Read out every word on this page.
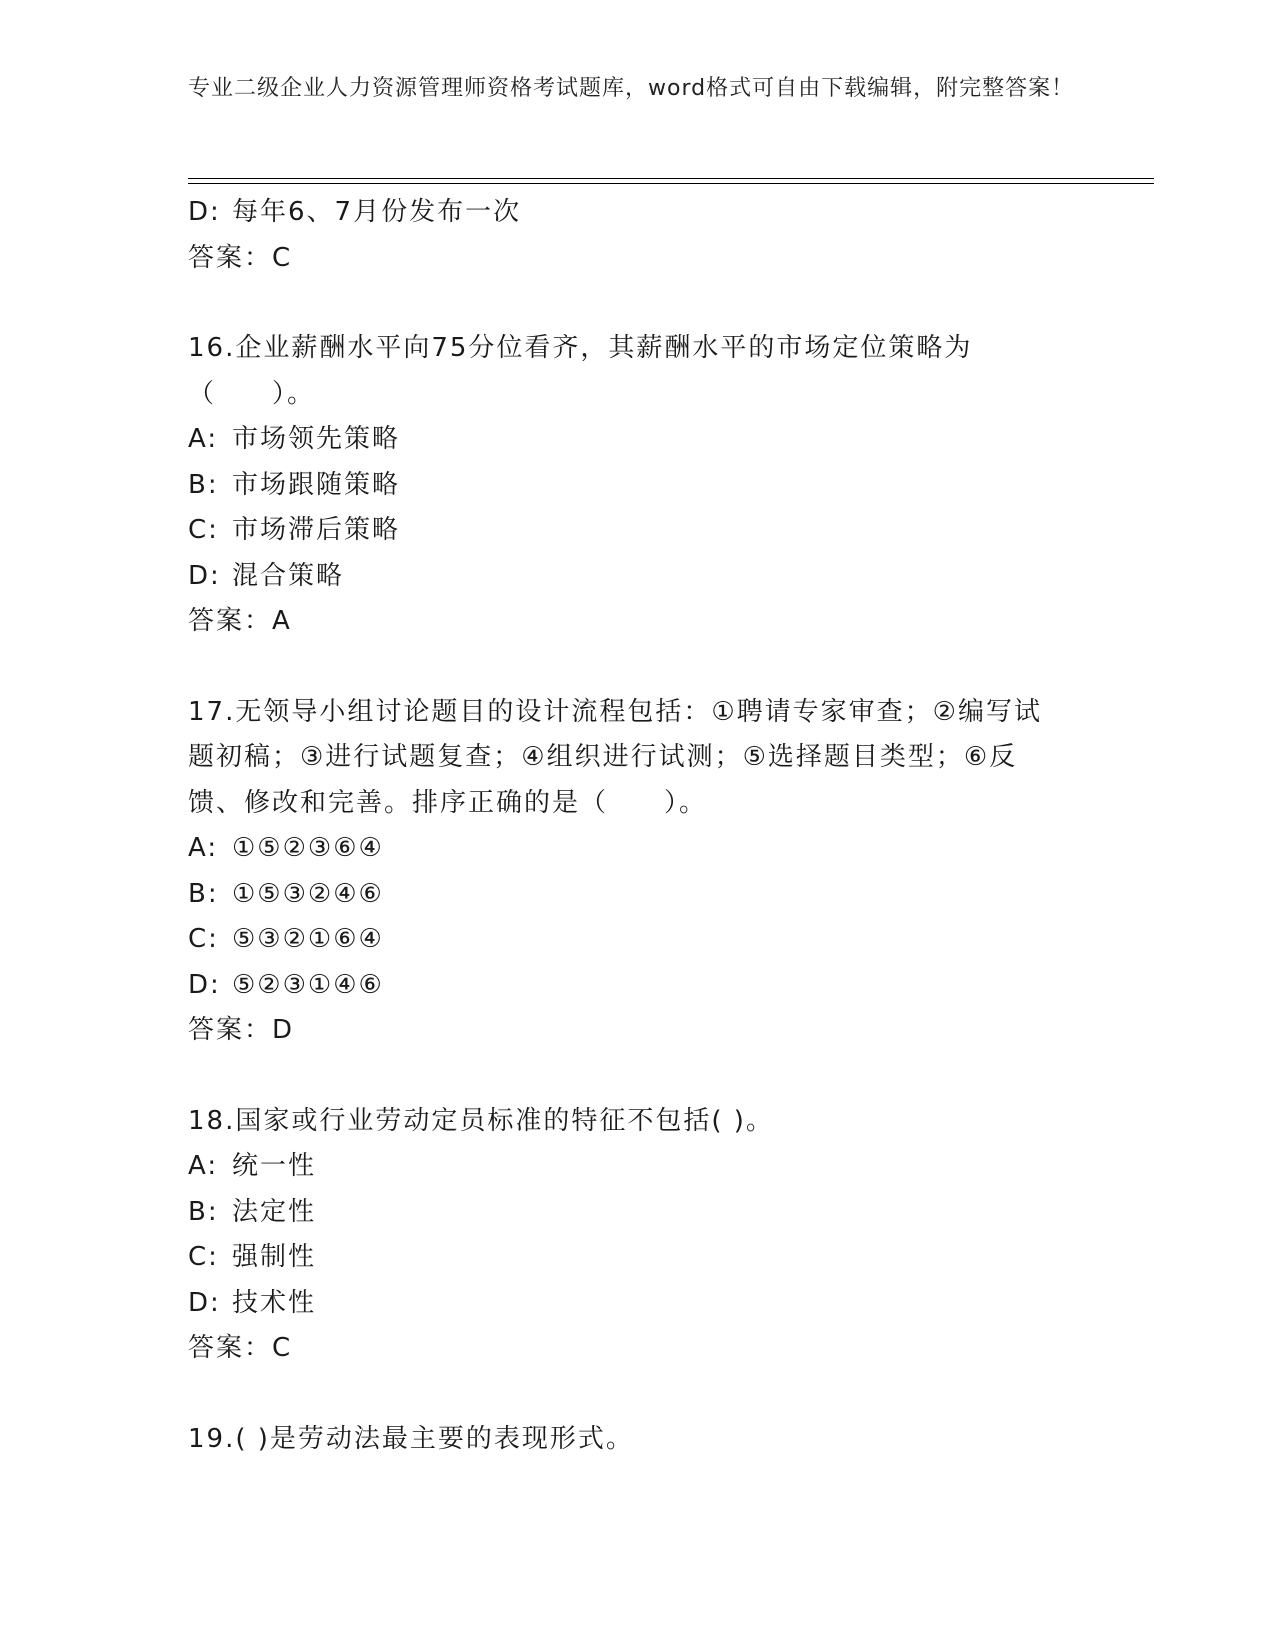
专业二级企业人力资源管理师资格考试题库，word格式可自由下载编辑，附完整答案！
D: 每年6、7月份发布一次
答案：C
16.企业薪酬水平向75分位看齐，其薪酬水平的市场定位策略为（　　）。
A: 市场领先策略
B: 市场跟随策略
C: 市场滞后策略
D: 混合策略
答案：A
17.无领导小组讨论题目的设计流程包括：①聘请专家审查；②编写试题初稿；③进行试题复查；④组织进行试测；⑤选择题目类型；⑥反馈、修改和完善。排序正确的是（　　）。
A: ①⑤②③⑥④
B: ①⑤③②④⑥
C: ⑤③②①⑥④
D: ⑤②③①④⑥
答案：D
18.国家或行业劳动定员标准的特征不包括( )。
A: 统一性
B: 法定性
C: 强制性
D: 技术性
答案：C
19.( )是劳动法最主要的表现形式。
